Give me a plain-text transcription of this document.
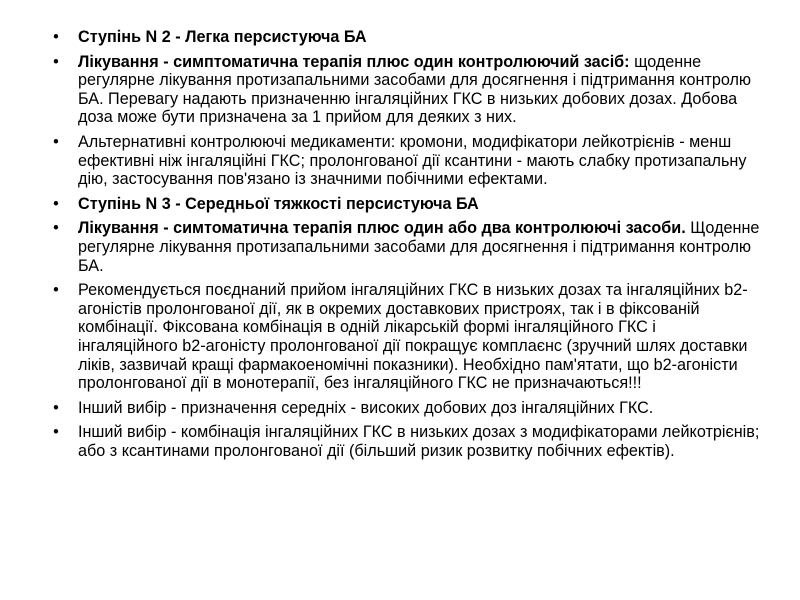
• Ступінь N 2 - Легка персистуюча БА
• Лікування - симптоматична терапія плюс один контролюючий засіб: щоденне регулярне лікування протизапальними засобами для досягнення і підтримання контролю БА. Перевагу надають призначенню інгаляційних ГКС в низьких добових дозах. Добова доза може бути призначена за 1 прийом для деяких з них.
• Альтернативні контролюючі медикаменти: кромони, модифікатори лейкотрієнів - менш ефективні ніж інгаляційні ГКС; пролонгованої дії ксантини - мають слабку протизапальну дію, застосування пов'язано із значними побічними ефектами.
• Ступінь N 3 - Середньої тяжкості персистуюча БА
• Лікування - симтоматична терапія плюс один або два контролюючі засоби. Щоденне регулярне лікування протизапальними засобами для досягнення і підтримання контролю БА.
• Рекомендується поєднаний прийом інгаляційних ГКС в низьких дозах та інгаляційних b2-агоністів пролонгованої дії, як в окремих доставкових пристроях, так і в фіксованій комбінації. Фіксована комбінація в одній лікарській формі інгаляційного ГКС і інгаляційного b2-агоністу пролонгованої дії покращує комплаєнс (зручний шлях доставки ліків, зазвичай кращі фармакоеномічні показники). Необхідно пам'ятати, що b2-агоністи пролонгованої дії в монотерапії, без інгаляційного ГКС не призначаються!!!
• Інший вибір - призначення середніх - високих добових доз інгаляційних ГКС.
• Інший вибір - комбінація інгаляційних ГКС в низьких дозах з модифікаторами лейкотрієнів; або з ксантинами пролонгованої дії (більший ризик розвитку побічних ефектів).
